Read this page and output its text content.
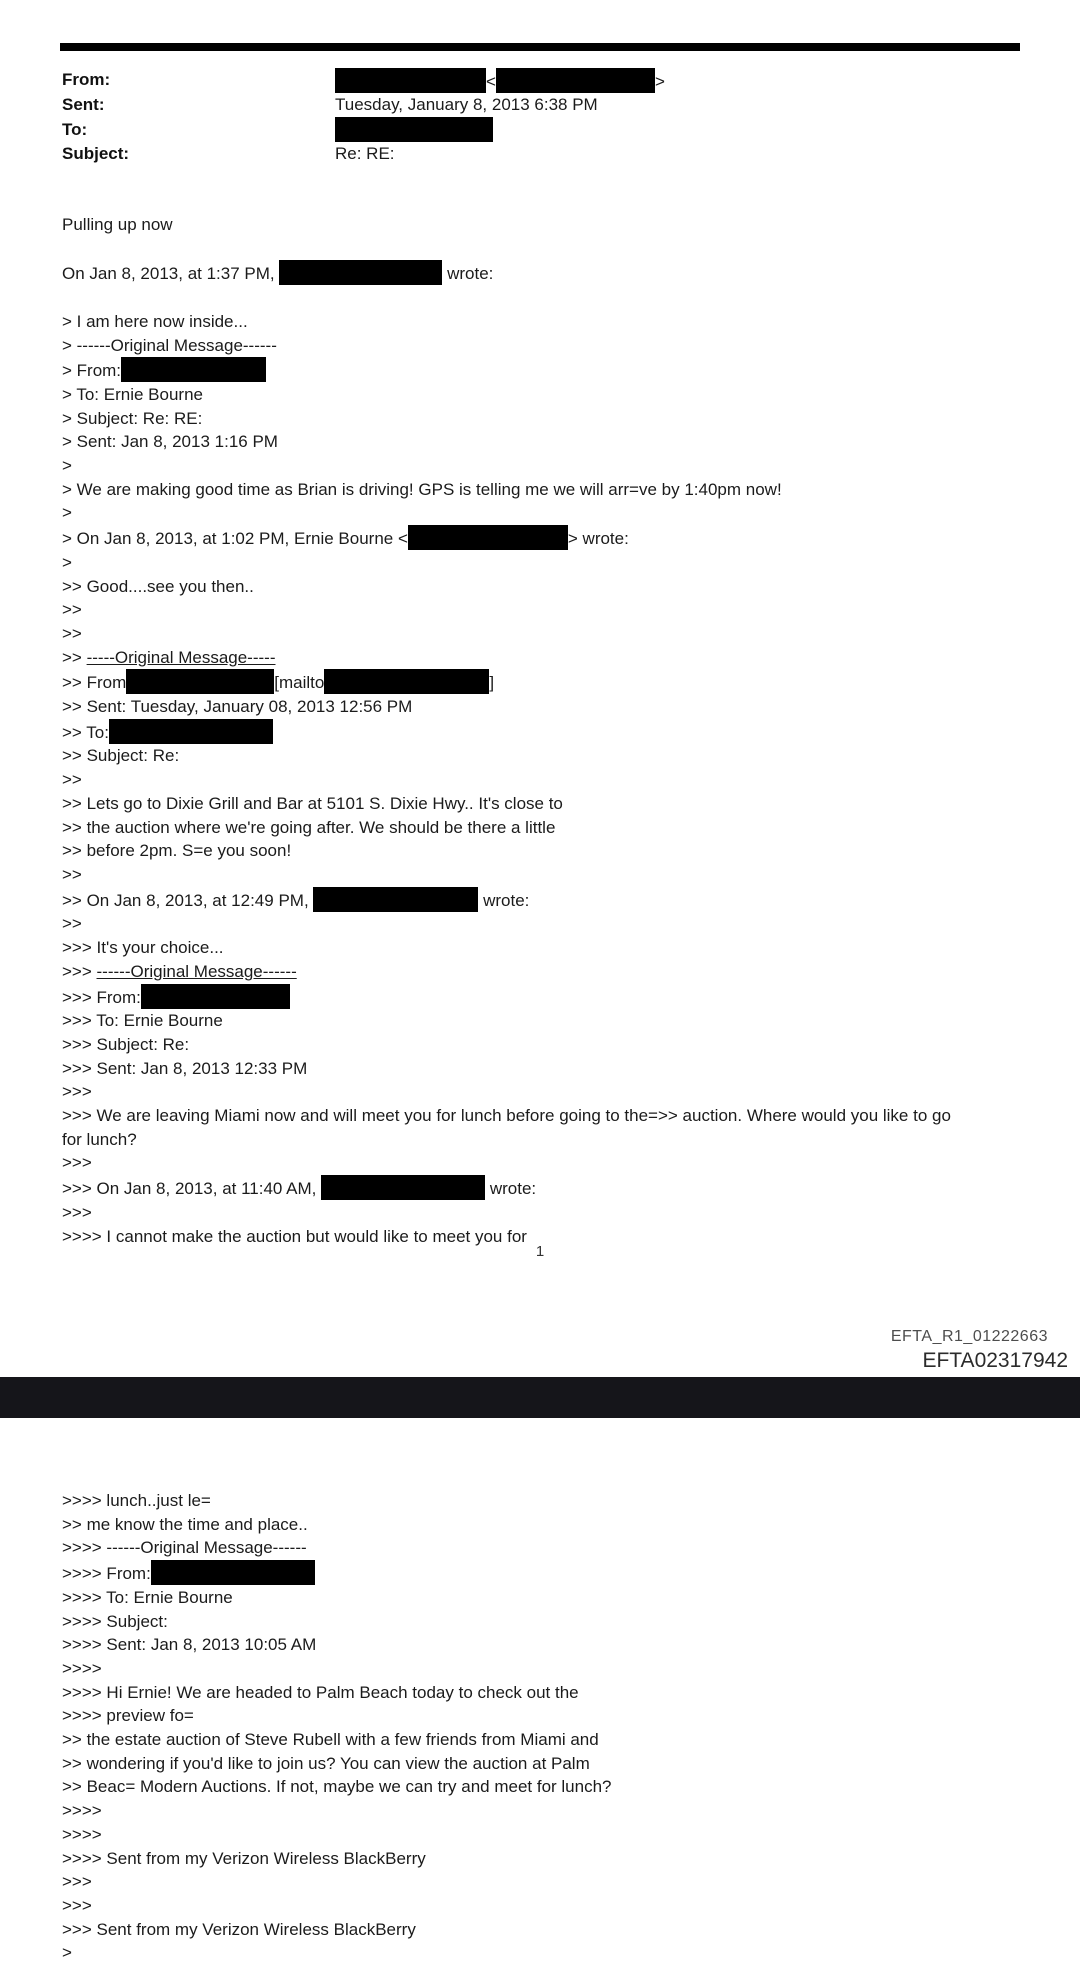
From:	<	>
Sent:	Tuesday, January 8, 2013 6:38 PM
To:
Subject:	Re: RE:
Pulling up now

On Jan 8, 2013, at 1:37 PM,	wrote:

> I am here now inside...
> ------Original Message------
> From:
> To: Ernie Bourne
> Subject: Re: RE:
> Sent: Jan 8, 2013 1:16 PM
>
> We are making good time as Brian is driving! GPS is telling me we will arr=ve by 1:40pm now!
>
> On Jan 8, 2013, at 1:02 PM, Ernie Bourne <	> wrote:
>
>> Good....see you then..
>>
>>
>> -----Original Message-----
>> From	[mailto	]
>> Sent: Tuesday, January 08, 2013 12:56 PM
>> To:
>> Subject: Re:
>>
>> Lets go to Dixie Grill and Bar at 5101 S. Dixie Hwy.. It's close to
>> the auction where we're going after. We should be there a little
>> before 2pm. S=e you soon!
>>
>> On Jan 8, 2013, at 12:49 PM,	wrote:
>>
>>> It's your choice...
>>> ------Original Message------
>>> From:
>>> To: Ernie Bourne
>>> Subject: Re:
>>> Sent: Jan 8, 2013 12:33 PM
>>>
>>> We are leaving Miami now and will meet you for lunch before going to the=>> auction. Where would you like to go
for lunch?
>>>
>>> On Jan 8, 2013, at 11:40 AM,	wrote:
>>>
>>>> I cannot make the auction but would like to meet you for
1
EFTA_R1_01222663
EFTA02317942
>>>> lunch..just le=
>> me know the time and place..
>>>> ------Original Message------
>>>> From:
>>>> To: Ernie Bourne
>>>> Subject:
>>>> Sent: Jan 8, 2013 10:05 AM
>>>>
>>>> Hi Ernie! We are headed to Palm Beach today to check out the
>>>> preview fo=
>> the estate auction of Steve Rubell with a few friends from Miami and
>> wondering if you'd like to join us? You can view the auction at Palm
>> Beac= Modern Auctions. If not, maybe we can try and meet for lunch?
>>>>
>>>>
>>>> Sent from my Verizon Wireless BlackBerry
>>>
>>>
>>> Sent from my Verizon Wireless BlackBerry
>
